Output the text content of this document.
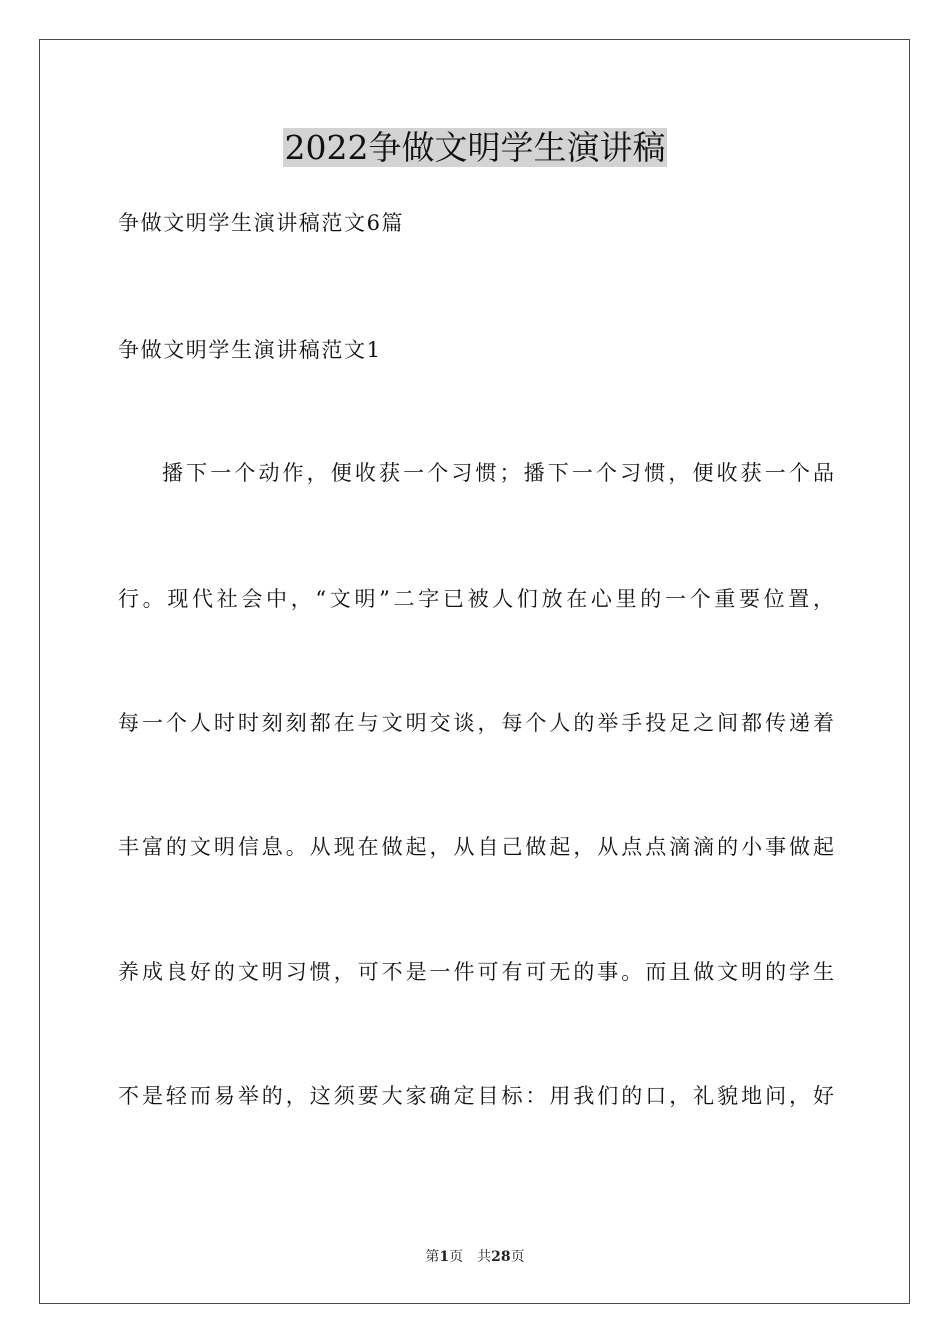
2022争做文明学生演讲稿
争做文明学生演讲稿范文6篇
争做文明学生演讲稿范文1
播下一个动作，便收获一个习惯；播下一个习惯，便收获一个品
行。现代社会中，“文明”二字已被人们放在心里的一个重要位置，
每一个人时时刻刻都在与文明交谈，每个人的举手投足之间都传递着
丰富的文明信息。从现在做起，从自己做起，从点点滴滴的小事做起
养成良好的文明习惯，可不是一件可有可无的事。而且做文明的学生
不是轻而易举的，这须要大家确定目标：用我们的口，礼貌地问，好
第1页 共28页
